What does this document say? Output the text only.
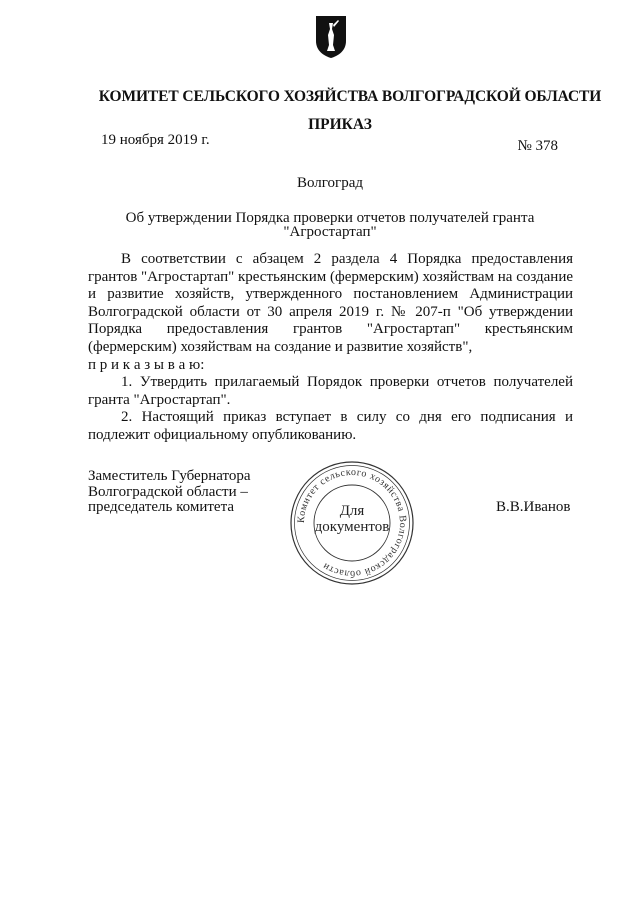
КОМИТЕТ СЕЛЬСКОГО ХОЗЯЙСТВА ВОЛГОГРАДСКОЙ ОБЛАСТИ
ПРИКАЗ
19 ноября 2019 г.	№ 378
Волгоград
Об утверждении Порядка проверки отчетов получателей гранта
"Агростартап"

В соответствии с абзацем 2 раздела 4 Порядка предоставления грантов "Агростартап" крестьянским (фермерским) хозяйствам на создание и развитие хозяйств, утвержденного постановлением Администрации Волгоградской области от 30 апреля 2019 г. № 207-п "Об утверждении Порядка предоставления грантов "Агростартап" крестьянским (фермерским) хозяйствам на создание и развитие хозяйств",
п р и к а з ы в а ю:

1. Утвердить прилагаемый Порядок проверки отчетов получателей гранта "Агростартап".

2. Настоящий приказ вступает в силу со дня его подписания и подлежит официальному опубликованию.

Заместитель Губернатора
Волгоградской области –
председатель комитета
Комитет сельского хозяйства Волгоградской области
Для
документов
В.В.Иванов
